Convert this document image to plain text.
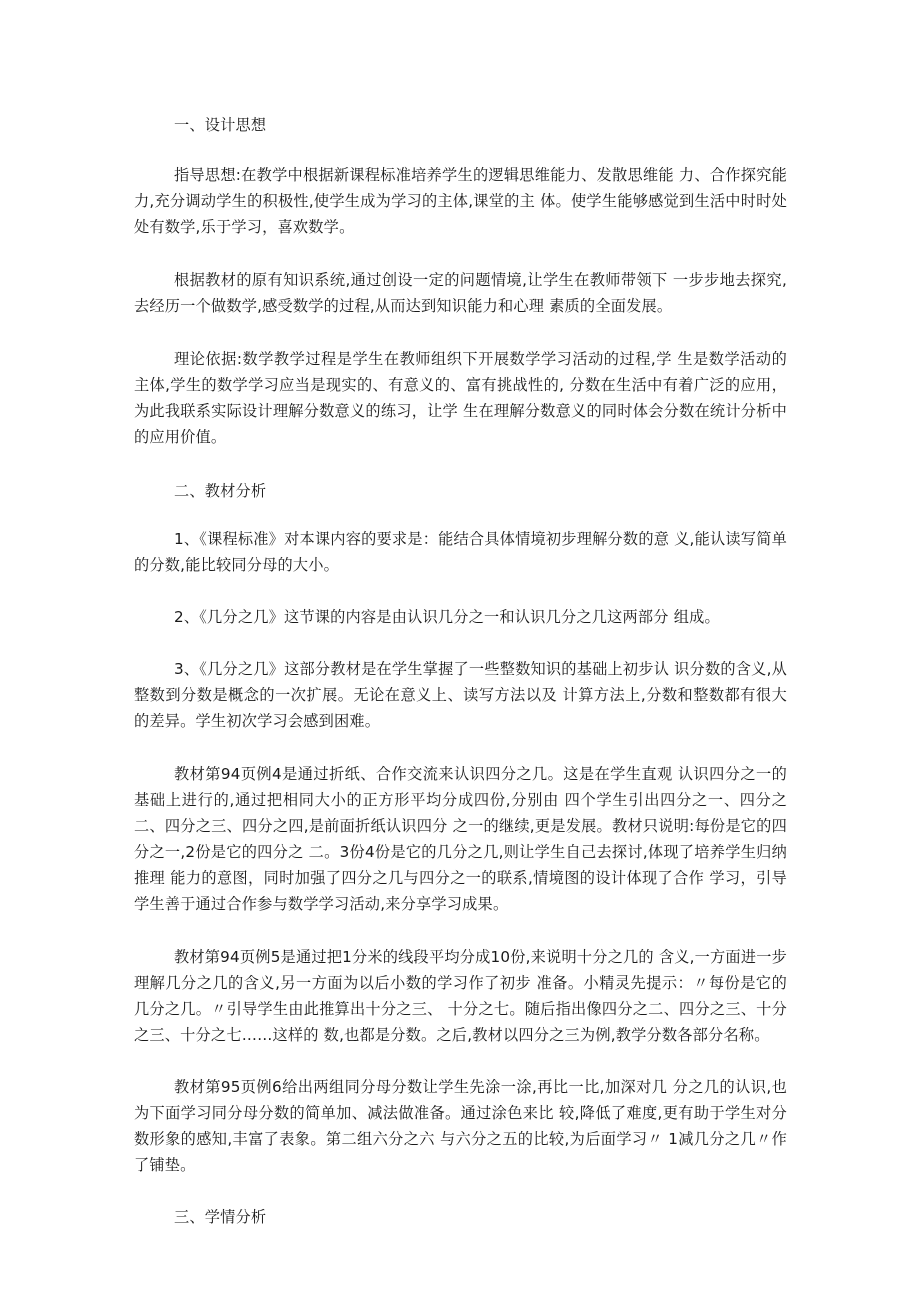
一、设计思想

指导思想:在教学中根据新课程标准培养学生的逻辑思维能力、发散思维能 力、合作探究能力,充分调动学生的积极性,使学生成为学习的主体,课堂的主 体。使学生能够感觉到生活中时时处处有数学,乐于学习，喜欢数学。

根据教材的原有知识系统,通过创设一定的问题情境,让学生在教师带领下 一步步地去探究,去经历一个做数学,感受数学的过程,从而达到知识能力和心理 素质的全面发展。

理论依据:数学教学过程是学生在教师组织下开展数学学习活动的过程,学 生是数学活动的主体,学生的数学学习应当是现实的、有意义的、富有挑战性的, 分数在生活中有着广泛的应用，为此我联系实际设计理解分数意义的练习，让学 生在理解分数意义的同时体会分数在统计分析中的应用价值。

二、教材分析

1、《课程标准》对本课内容的要求是：能结合具体情境初步理解分数的意 义,能认读写简单的分数,能比较同分母的大小。

2、《几分之几》这节课的内容是由认识几分之一和认识几分之几这两部分 组成。

3、《几分之几》这部分教材是在学生掌握了一些整数知识的基础上初步认 识分数的含义,从整数到分数是概念的一次扩展。无论在意义上、读写方法以及 计算方法上,分数和整数都有很大的差异。学生初次学习会感到困难。

教材第94页例4是通过折纸、合作交流来认识四分之几。这是在学生直观 认识四分之一的基础上进行的,通过把相同大小的正方形平均分成四份,分别由 四个学生引出四分之一、四分之二、四分之三、四分之四,是前面折纸认识四分 之一的继续,更是发展。教材只说明:每份是它的四分之一,2份是它的四分之 二。3份4份是它的几分之几,则让学生自己去探讨,体现了培养学生归纳推理 能力的意图，同时加强了四分之几与四分之一的联系,情境图的设计体现了合作 学习，引导学生善于通过合作参与数学学习活动,来分享学习成果。

教材第94页例5是通过把1分米的线段平均分成10份,来说明十分之几的 含义,一方面进一步理解几分之几的含义,另一方面为以后小数的学习作了初步 准备。小精灵先提示：〃每份是它的几分之几。〃引导学生由此推算出十分之三、 十分之七。随后指出像四分之二、四分之三、十分之三、十分之七……这样的 数,也都是分数。之后,教材以四分之三为例,教学分数各部分名称。

教材第95页例6给出两组同分母分数让学生先涂一涂,再比一比,加深对几 分之几的认识,也为下面学习同分母分数的简单加、减法做准备。通过涂色来比 较,降低了难度,更有助于学生对分数形象的感知,丰富了表象。第二组六分之六 与六分之五的比较,为后面学习〃 1减几分之几〃作了铺垫。

三、学情分析
